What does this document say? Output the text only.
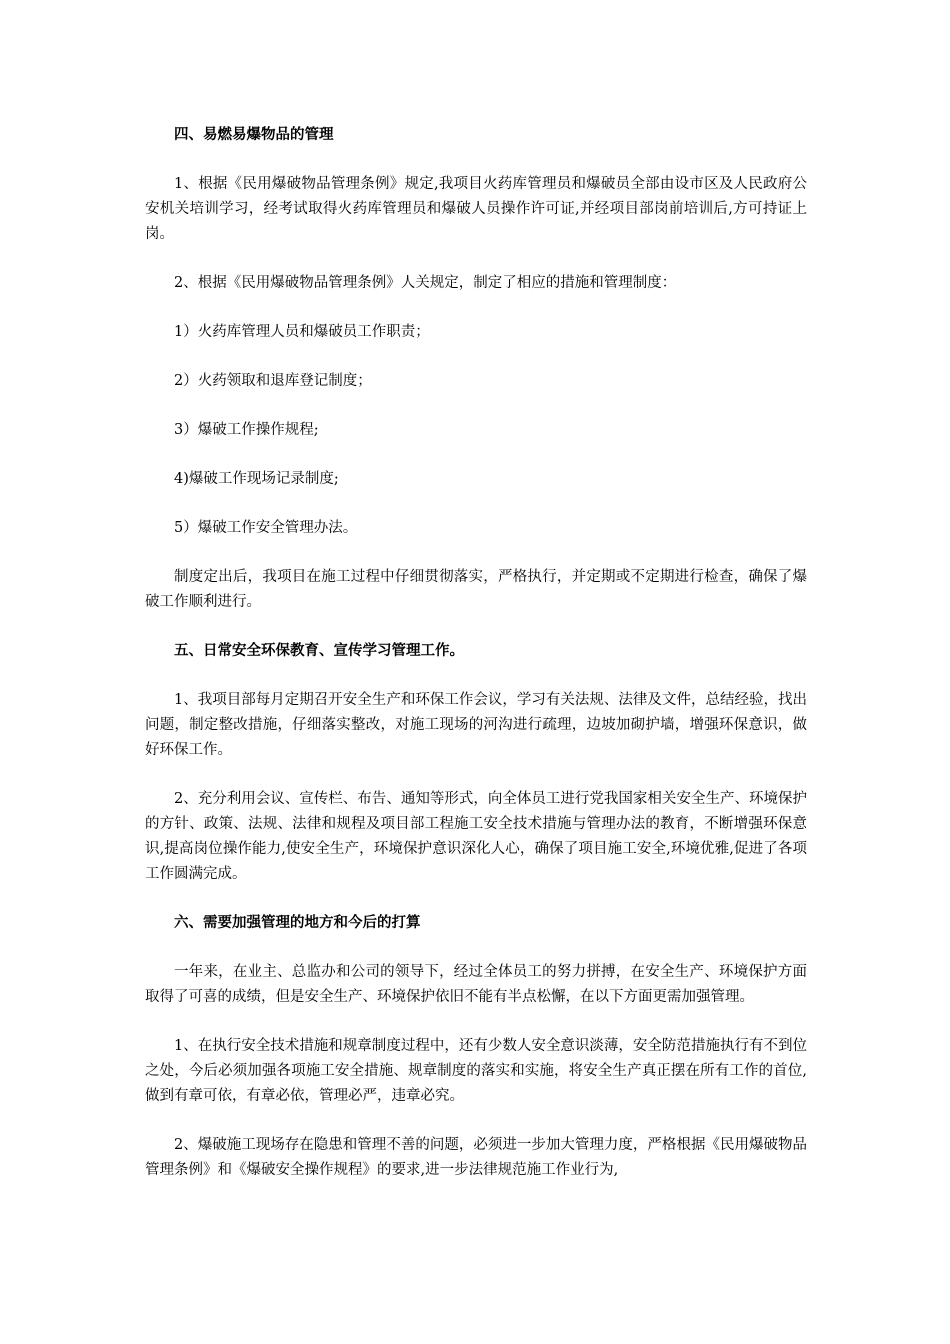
四、易燃易爆物品的管理

1、根据《民用爆破物品管理条例》规定,我项目火药库管理员和爆破员全部由设市区及人民政府公安机关培训学习，经考试取得火药库管理员和爆破人员操作许可证,并经项目部岗前培训后,方可持证上岗。

2、根据《民用爆破物品管理条例》人关规定，制定了相应的措施和管理制度：

1）火药库管理人员和爆破员工作职责；

2）火药领取和退库登记制度；

3）爆破工作操作规程;

4)爆破工作现场记录制度;

5）爆破工作安全管理办法。

制度定出后，我项目在施工过程中仔细贯彻落实，严格执行，并定期或不定期进行检查，确保了爆破工作顺利进行。

五、日常安全环保教育、宣传学习管理工作。

1、我项目部每月定期召开安全生产和环保工作会议，学习有关法规、法律及文件，总结经验，找出问题，制定整改措施，仔细落实整改，对施工现场的河沟进行疏理，边坡加砌护墙，增强环保意识，做好环保工作。

2、充分利用会议、宣传栏、布告、通知等形式，向全体员工进行党我国家相关安全生产、环境保护的方针、政策、法规、法律和规程及项目部工程施工安全技术措施与管理办法的教育，不断增强环保意识,提高岗位操作能力,使安全生产，环境保护意识深化人心，确保了项目施工安全,环境优雅,促进了各项工作圆满完成。

六、需要加强管理的地方和今后的打算

一年来，在业主、总监办和公司的领导下，经过全体员工的努力拼搏，在安全生产、环境保护方面取得了可喜的成绩，但是安全生产、环境保护依旧不能有半点松懈，在以下方面更需加强管理。

1、在执行安全技术措施和规章制度过程中，还有少数人安全意识淡薄，安全防范措施执行有不到位之处，今后必须加强各项施工安全措施、规章制度的落实和实施，将安全生产真正摆在所有工作的首位,做到有章可依，有章必依，管理必严，违章必究。

2、爆破施工现场存在隐患和管理不善的问题，必须进一步加大管理力度，严格根据《民用爆破物品管理条例》和《爆破安全操作规程》的要求,进一步法律规范施工作业行为,
